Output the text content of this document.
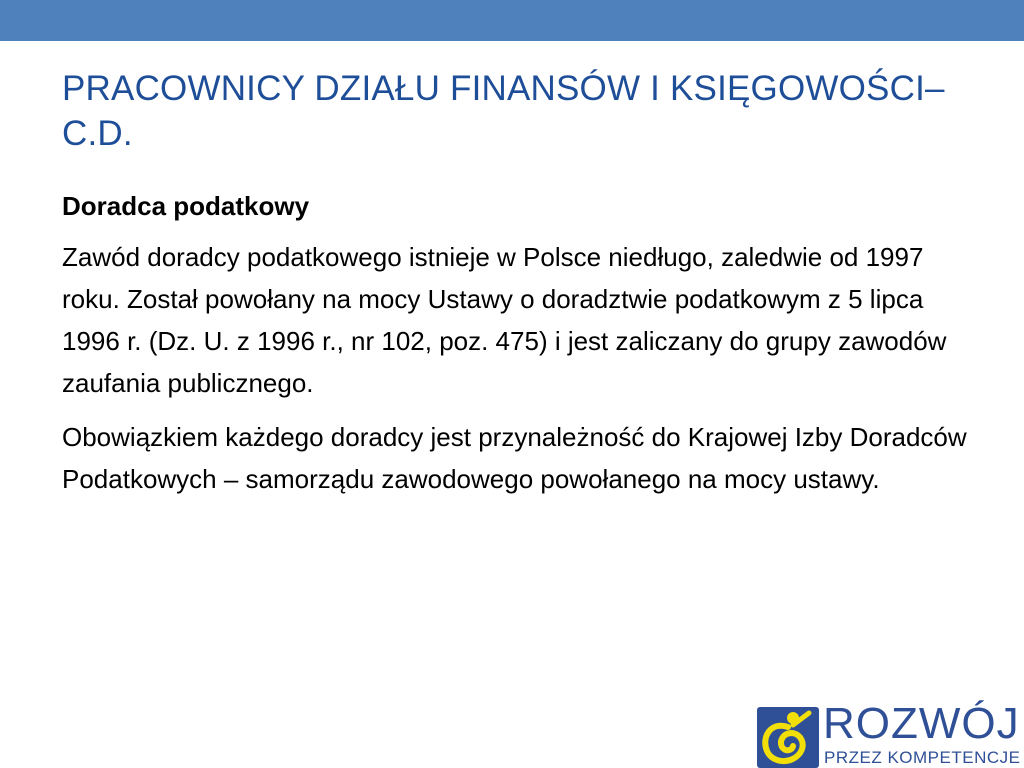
PRACOWNICY DZIAŁU FINANSÓW I KSIĘGOWOŚCI– C.D.

Doradca podatkowy

Zawód doradcy podatkowego istnieje w Polsce niedługo, zaledwie od 1997 roku. Został powołany na mocy Ustawy o doradztwie podatkowym z 5 lipca 1996 r. (Dz. U. z 1996 r., nr 102, poz. 475) i jest zaliczany do grupy zawodów zaufania publicznego.

Obowiązkiem każdego doradcy jest przynależność do Krajowej Izby Doradców Podatkowych – samorządu zawodowego powołanego na mocy ustawy.

ROZWÓJ
PRZEZ KOMPETENCJE
